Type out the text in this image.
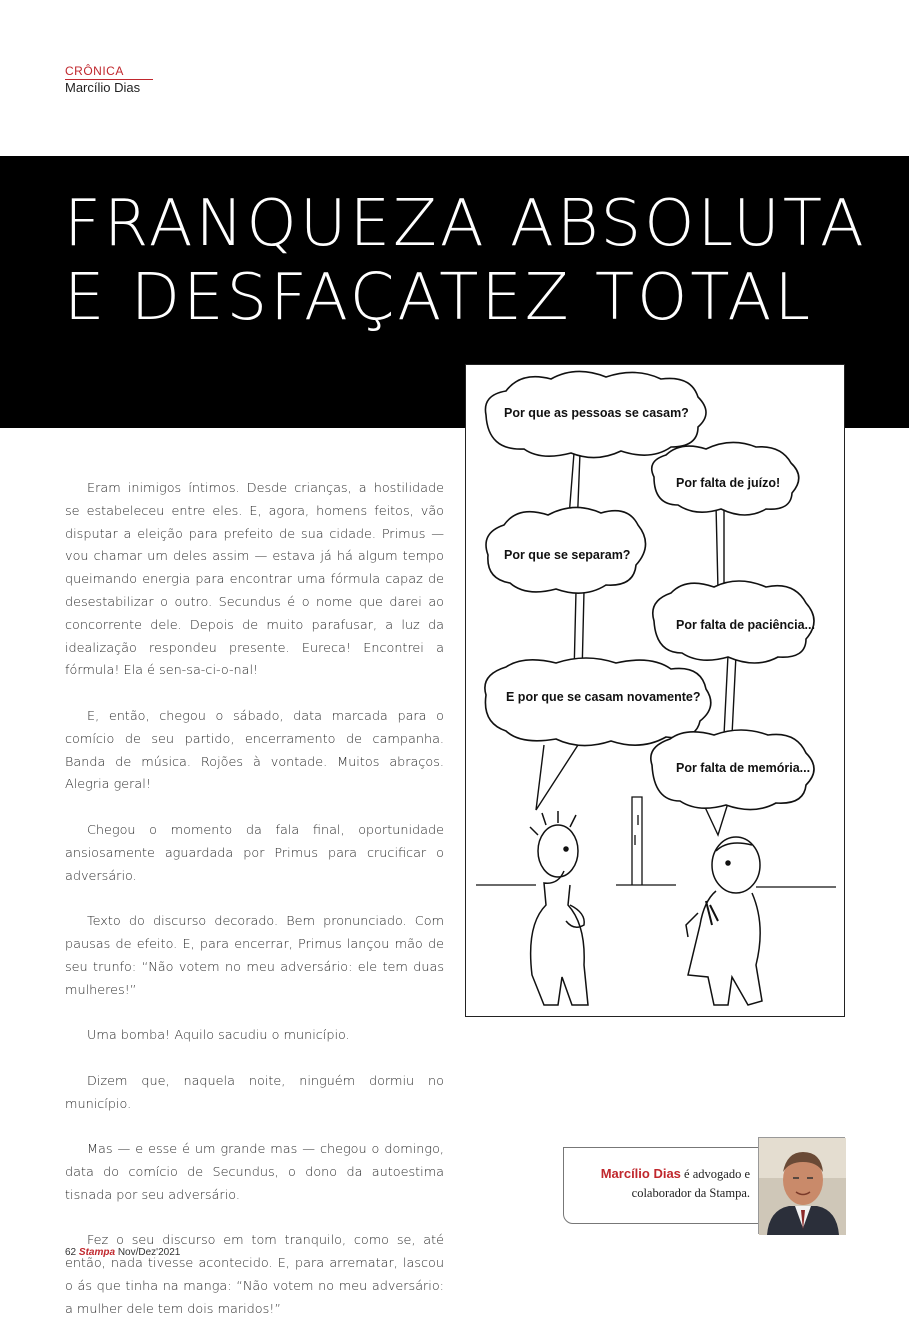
CRÔNICA
Marcílio Dias
FRANQUEZA ABSOLUTA
E DESFAÇATEZ TOTAL

Eram inimigos íntimos. Desde crianças, a hostilidade se estabeleceu entre eles. E, agora, homens feitos, vão disputar a eleição para prefeito de sua cidade. Primus — vou chamar um deles assim — estava já há algum tempo queimando energia para encontrar uma fórmula capaz de desestabilizar o outro. Secundus é o nome que darei ao concorrente dele. Depois de muito parafusar, a luz da idealização respondeu presente. Eureca! Encontrei a fórmula! Ela é sen-sa-ci-o-nal!

E, então, chegou o sábado, data marcada para o comício de seu partido, encerramento de campanha. Banda de música. Rojões à vontade. Muitos abraços. Alegria geral!

Chegou o momento da fala final, oportunidade ansiosamente aguardada por Primus para crucificar o adversário.

Texto do discurso decorado. Bem pronunciado. Com pausas de efeito. E, para encerrar, Primus lançou mão de seu trunfo: “Não votem no meu adversário: ele tem duas mulheres!”

Uma bomba! Aquilo sacudiu o município.

Dizem que, naquela noite, ninguém dormiu no município.

Mas — e esse é um grande mas — chegou o domingo, data do comício de Secundus, o dono da autoestima tisnada por seu adversário.

Fez o seu discurso em tom tranquilo, como se, até então, nada tivesse acontecido. E, para arrematar, lascou o ás que tinha na manga: “Não votem no meu adversário: a mulher dele tem dois maridos!”

Por que as pessoas se casam?
Por falta de juízo!
Por que se separam?
Por falta de paciência...
E por que se casam novamente?
Por falta de memória...
Marcílio Dias é advogado e
colaborador da Stampa.
62 Stampa Nov/Dez'2021
